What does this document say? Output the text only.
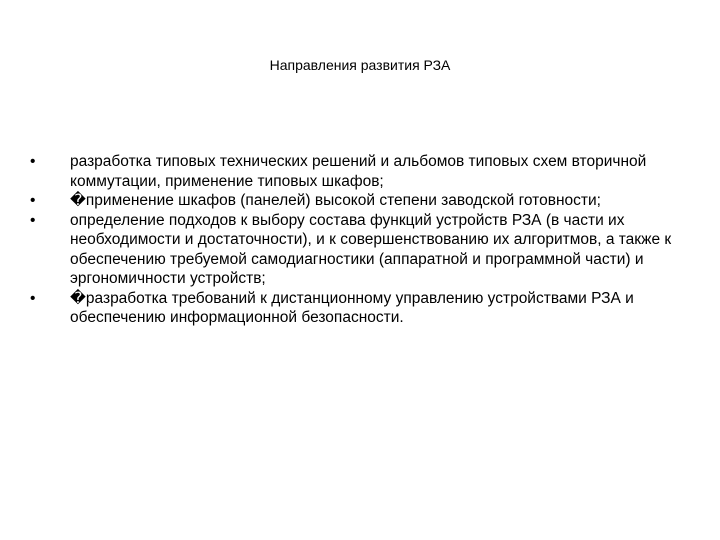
Направления развития РЗА
•	разработка типовых технических решений и альбомов типовых схем вторичной коммутации, применение типовых шкафов;
•	�применение шкафов (панелей) высокой степени заводской готовности;
•	определение подходов к выбору состава функций устройств РЗА (в части их необходимости и достаточности), и к совершенствованию их алгоритмов, а также к обеспечению требуемой самодиагностики (аппаратной и программной части) и эргономичности устройств;
•	�разработка требований к дистанционному управлению устройствами РЗА и обеспечению информационной безопасности.
